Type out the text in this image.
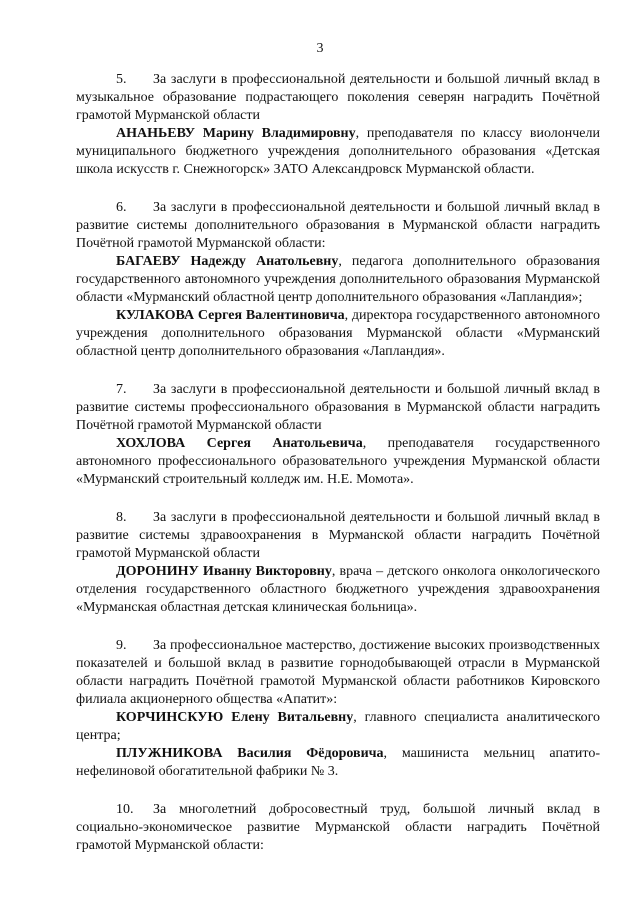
3

5. За заслуги в профессиональной деятельности и большой личный вклад в музыкальное образование подрастающего поколения северян наградить Почётной грамотой Мурманской области

АНАНЬЕВУ Марину Владимировну, преподавателя по классу виолончели муниципального бюджетного учреждения дополнительного образования «Детская школа искусств г. Снежногорск» ЗАТО Александровск Мурманской области.

6. За заслуги в профессиональной деятельности и большой личный вклад в развитие системы дополнительного образования в Мурманской области наградить Почётной грамотой Мурманской области:

БАГАЕВУ Надежду Анатольевну, педагога дополнительного образования государственного автономного учреждения дополнительного образования Мурманской области «Мурманский областной центр дополнительного образования «Лапландия»;

КУЛАКОВА Сергея Валентиновича, директора государственного автономного учреждения дополнительного образования Мурманской области «Мурманский областной центр дополнительного образования «Лапландия».

7. За заслуги в профессиональной деятельности и большой личный вклад в развитие системы профессионального образования в Мурманской области наградить Почётной грамотой Мурманской области

ХОХЛОВА Сергея Анатольевича, преподавателя государственного автономного профессионального образовательного учреждения Мурманской области «Мурманский строительный колледж им. Н.Е. Момота».

8. За заслуги в профессиональной деятельности и большой личный вклад в развитие системы здравоохранения в Мурманской области наградить Почётной грамотой Мурманской области

ДОРОНИНУ Иванну Викторовну, врача – детского онколога онкологического отделения государственного областного бюджетного учреждения здравоохранения «Мурманская областная детская клиническая больница».

9. За профессиональное мастерство, достижение высоких производственных показателей и большой вклад в развитие горнодобывающей отрасли в Мурманской области наградить Почётной грамотой Мурманской области работников Кировского филиала акционерного общества «Апатит»:

КОРЧИНСКУЮ Елену Витальевну, главного специалиста аналитического центра;

ПЛУЖНИКОВА Василия Фёдоровича, машиниста мельниц апатито-нефелиновой обогатительной фабрики № 3.

10. За многолетний добросовестный труд, большой личный вклад в социально-экономическое развитие Мурманской области наградить Почётной грамотой Мурманской области:
